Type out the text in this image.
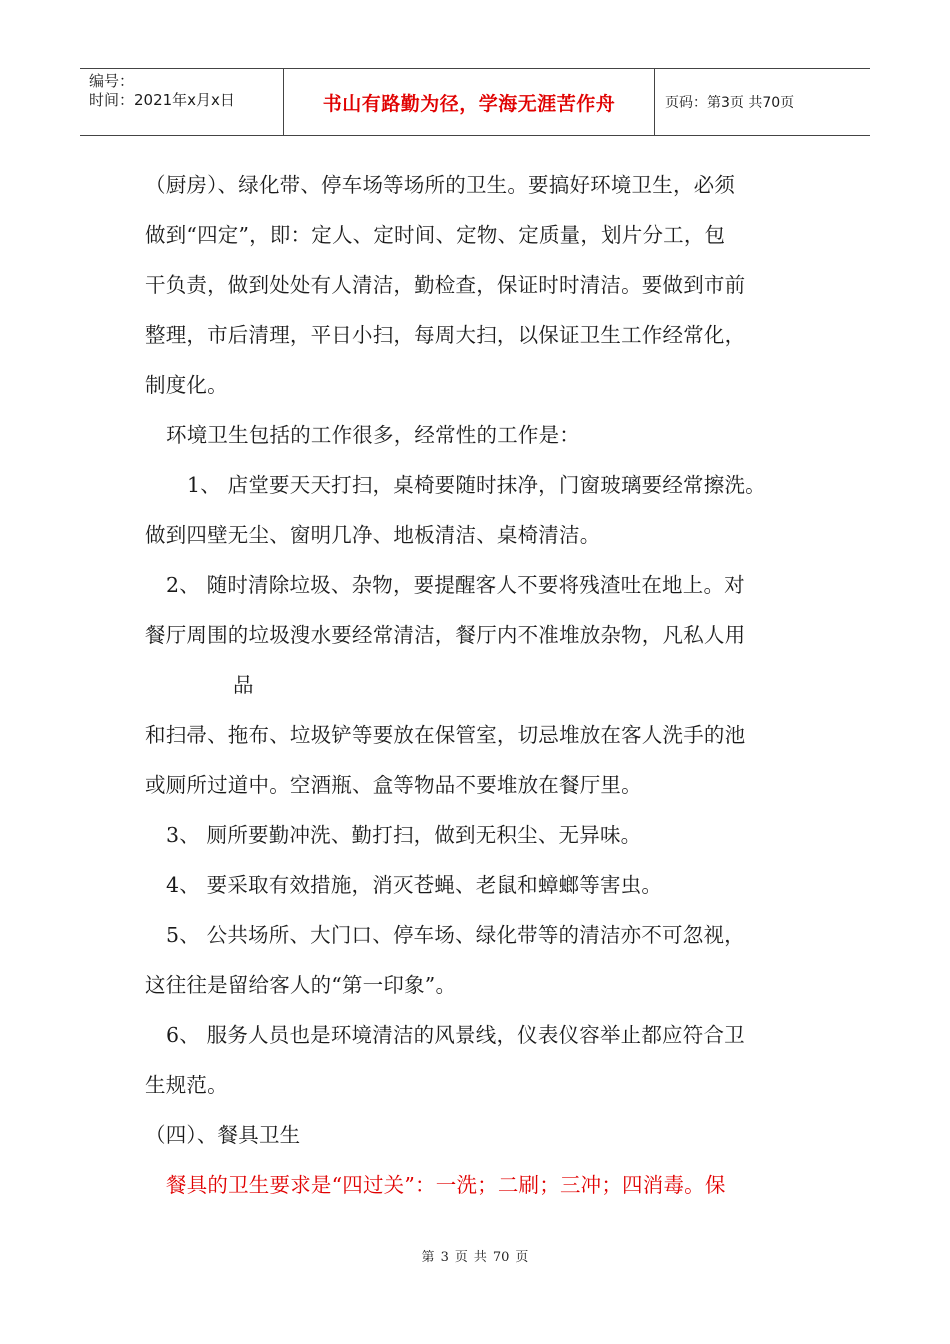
编号：
时间：2021年x月x日	书山有路勤为径，学海无涯苦作舟	页码：第3页 共70页
（厨房）、绿化带、停车场等场所的卫生。要搞好环境卫生，必须
做到“四定”，即：定人、定时间、定物、定质量，划片分工，包
干负责，做到处处有人清洁，勤检查，保证时时清洁。要做到市前
整理，市后清理，平日小扫，每周大扫，以保证卫生工作经常化，
制度化。
环境卫生包括的工作很多，经常性的工作是：
1、 店堂要天天打扫，桌椅要随时抹净，门窗玻璃要经常擦洗。
做到四壁无尘、窗明几净、地板清洁、桌椅清洁。
2、 随时清除垃圾、杂物，要提醒客人不要将残渣吐在地上。对
餐厅周围的垃圾溲水要经常清洁，餐厅内不准堆放杂物，凡私人用
品
和扫帚、拖布、垃圾铲等要放在保管室，切忌堆放在客人洗手的池
或厕所过道中。空酒瓶、盒等物品不要堆放在餐厅里。
3、 厕所要勤冲洗、勤打扫，做到无积尘、无异味。
4、 要采取有效措施，消灭苍蝇、老鼠和蟑螂等害虫。
5、 公共场所、大门口、停车场、绿化带等的清洁亦不可忽视，
这往往是留给客人的“第一印象”。
6、 服务人员也是环境清洁的风景线，仪表仪容举止都应符合卫
生规范。
（四）、餐具卫生
餐具的卫生要求是“四过关”：一洗；二刷；三冲；四消毒。保
第 3 页 共 70 页
